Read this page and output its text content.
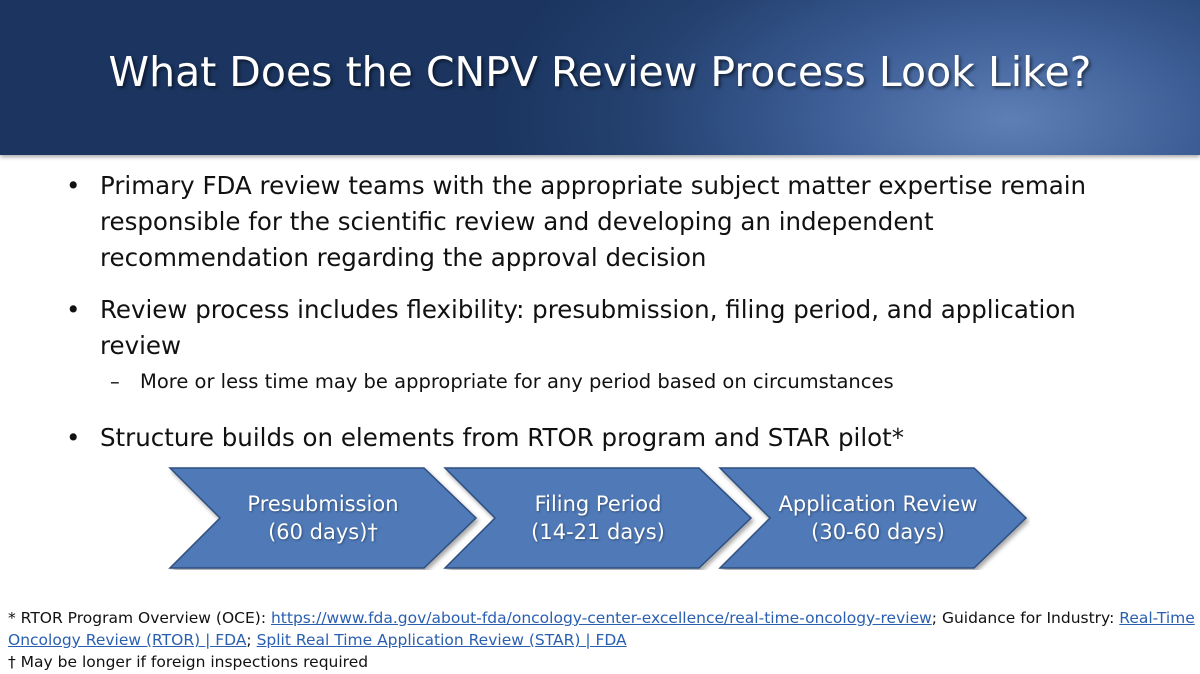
What Does the CNPV Review Process Look Like?
• Primary FDA review teams with the appropriate subject matter expertise remain
responsible for the scientific review and developing an independent
recommendation regarding the approval decision
• Review process includes flexibility: presubmission, filing period, and application
review
– More or less time may be appropriate for any period based on circumstances
• Structure builds on elements from RTOR program and STAR pilot*
Presubmission
(60 days)†
Filing Period
(14-21 days)
Application Review
(30-60 days)
* RTOR Program Overview (OCE): https://www.fda.gov/about-fda/oncology-center-excellence/real-time-oncology-review; Guidance for Industry: Real-Time Oncology Review (RTOR) | FDA; Split Real Time Application Review (STAR) | FDA
† May be longer if foreign inspections required
